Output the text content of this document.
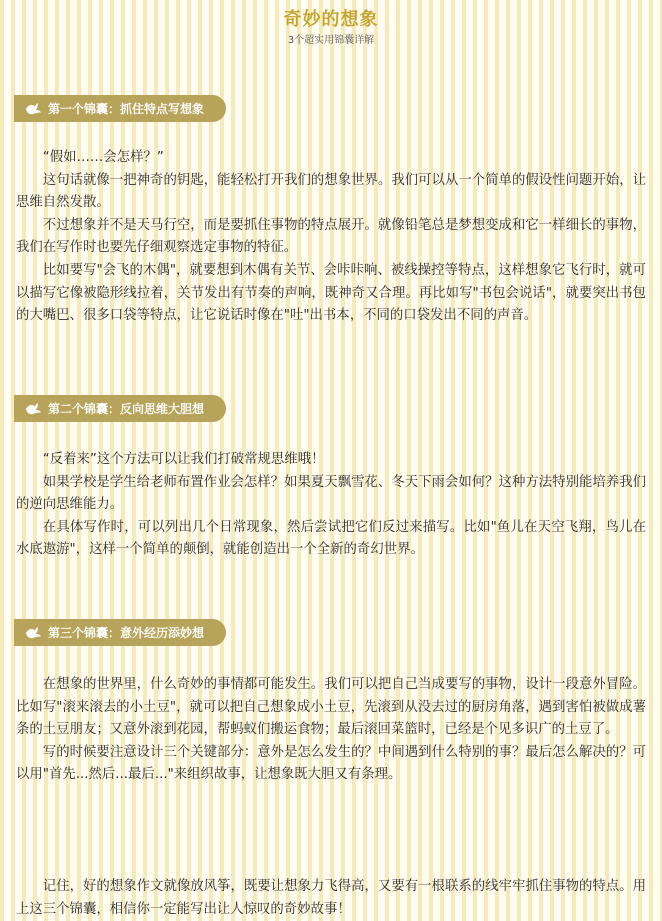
奇妙的想象
3个超实用锦囊详解
第一个锦囊：抓住特点写想象

“假如……会怎样？”

这句话就像一把神奇的钥匙，能轻松打开我们的想象世界。我们可以从一个简单的假设性问题开始，让思维自然发散。

不过想象并不是天马行空，而是要抓住事物的特点展开。就像铅笔总是梦想变成和它一样细长的事物，我们在写作时也要先仔细观察选定事物的特征。

比如要写"会飞的木偶"，就要想到木偶有关节、会咔咔响、被线操控等特点，这样想象它飞行时，就可以描写它像被隐形线拉着，关节发出有节奏的声响，既神奇又合理。再比如写"书包会说话"，就要突出书包的大嘴巴、很多口袋等特点，让它说话时像在"吐"出书本，不同的口袋发出不同的声音。

第二个锦囊：反向思维大胆想

“反着来”这个方法可以让我们打破常规思维哦！

如果学校是学生给老师布置作业会怎样？如果夏天飘雪花、冬天下雨会如何？这种方法特别能培养我们的逆向思维能力。

在具体写作时，可以列出几个日常现象，然后尝试把它们反过来描写。比如"鱼儿在天空飞翔，鸟儿在水底遨游"，这样一个简单的颠倒，就能创造出一个全新的奇幻世界。

第三个锦囊：意外经历添妙想

在想象的世界里，什么奇妙的事情都可能发生。我们可以把自己当成要写的事物，设计一段意外冒险。比如写"滚来滚去的小土豆"，就可以把自己想象成小土豆，先滚到从没去过的厨房角落，遇到害怕被做成薯条的土豆朋友；又意外滚到花园，帮蚂蚁们搬运食物；最后滚回菜篮时，已经是个见多识广的土豆了。

写的时候要注意设计三个关键部分：意外是怎么发生的？中间遇到什么特别的事？最后怎么解决的？可以用"首先...然后...最后..."来组织故事，让想象既大胆又有条理。

记住，好的想象作文就像放风筝，既要让想象力飞得高，又要有一根联系的线牢牢抓住事物的特点。用上这三个锦囊，相信你一定能写出让人惊叹的奇妙故事！
